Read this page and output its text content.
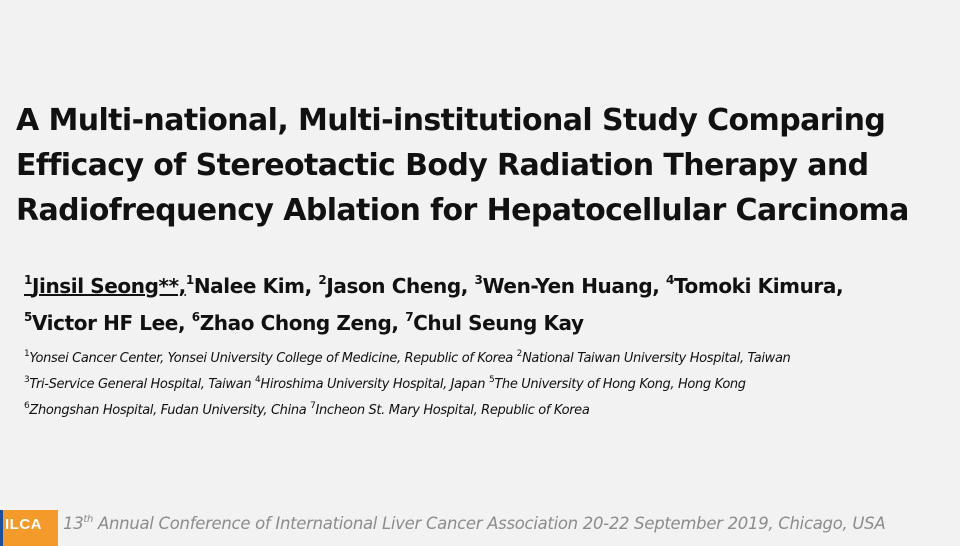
A Multi-national, Multi-institutional Study Comparing
Efficacy of Stereotactic Body Radiation Therapy and
Radiofrequency Ablation for Hepatocellular Carcinoma
$^1$Jinsil Seong**,$^1$Nalee Kim, $^2$Jason Cheng, $^3$Wen-Yen Huang, $^4$Tomoki Kimura,
$^5$Victor HF Lee, $^6$Zhao Chong Zeng, $^7$Chul Seung Kay
$^1$Yonsei Cancer Center, Yonsei University College of Medicine, Republic of Korea $^2$National Taiwan University Hospital, Taiwan
$^3$Tri-Service General Hospital, Taiwan $^4$Hiroshima University Hospital, Japan $^5$The University of Hong Kong, Hong Kong
$^6$Zhongshan Hospital, Fudan University, China $^7$Incheon St. Mary Hospital, Republic of Korea
ILCA 13th Annual Conference of International Liver Cancer Association 20-22 September 2019, Chicago, USA
